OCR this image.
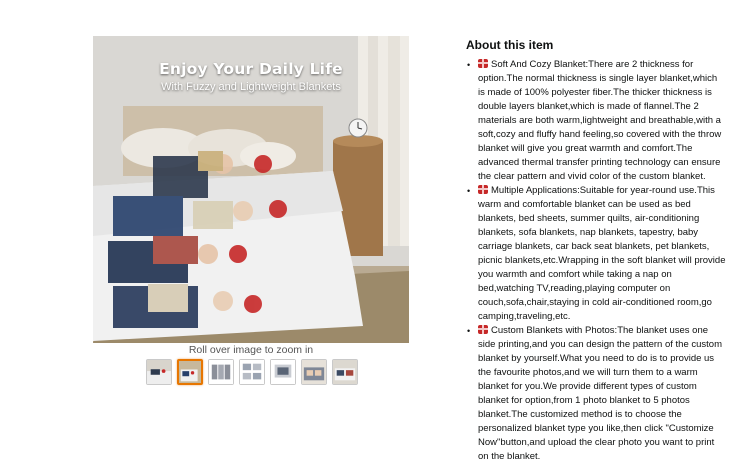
Enjoy Your Daily Life
With Fuzzy and Lightweight Blankets
Roll over image to zoom in
About this item
• Soft And Cozy Blanket:There are 2 thickness for option.The normal thickness is single layer blanket,which is made of 100% polyester fiber.The thicker thickness is double layers blanket,which is made of flannel.The 2 materials are both warm,lightweight and breathable,with a soft,cozy and fluffy hand feeling,so covered with the throw blanket will give you great warmth and comfort.The advanced thermal transfer printing technology can ensure the clear pattern and vivid color of the custom blanket.
• Multiple Applications:Suitable for year-round use.This warm and comfortable blanket can be used as bed blankets, bed sheets, summer quilts, air-conditioning blankets, sofa blankets, nap blankets, tapestry, baby carriage blankets, car back seat blankets, pet blankets, picnic blankets,etc.Wrapping in the soft blanket will provide you warmth and comfort while taking a nap on bed,watching TV,reading,playing computer on couch,sofa,chair,staying in cold air-conditioned room,go camping,traveling,etc.
• Custom Blankets with Photos:The blanket uses one side printing,and you can design the pattern of the custom blanket by yourself.What you need to do is to provide us the favourite photos,and we will turn them to a warm blanket for you.We provide different types of custom blanket for option,from 1 photo blanket to 5 photos blanket.The customized method is to choose the personalized blanket type you like,then click "Customize Now"button,and upload the clear photo you want to print on the blanket.
